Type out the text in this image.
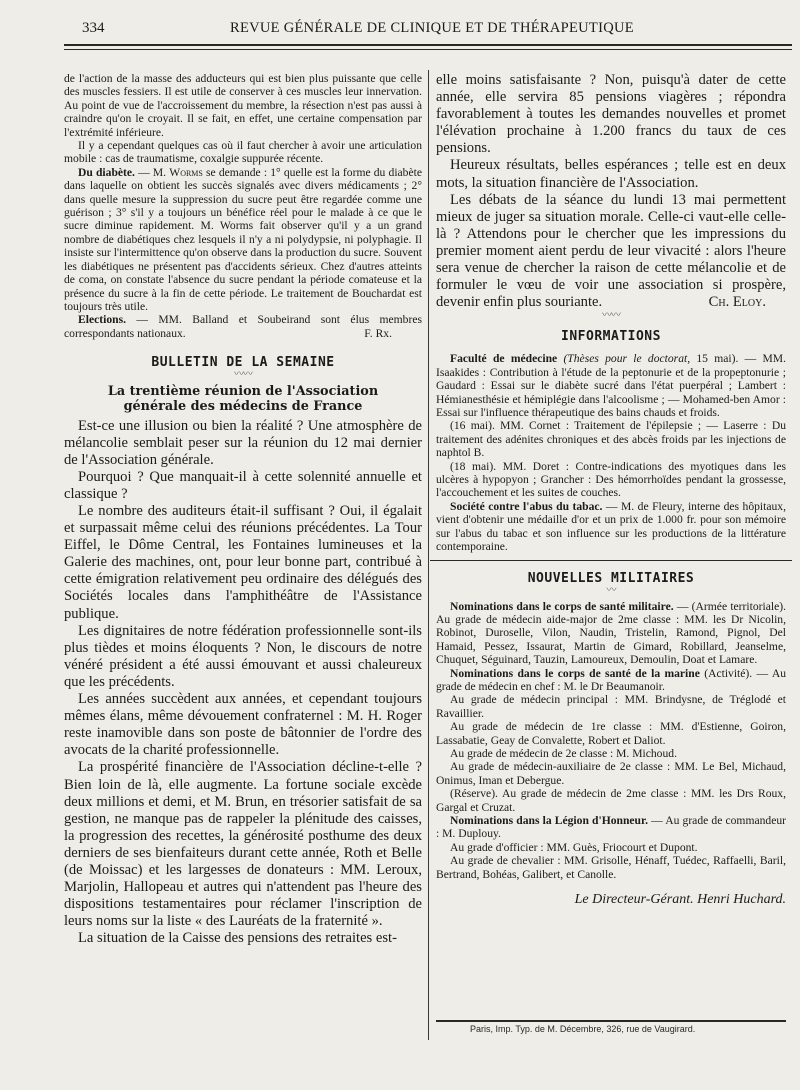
334	REVUE GÉNÉRALE DE CLINIQUE ET DE THÉRAPEUTIQUE

de l'action de la masse des adducteurs qui est bien plus puissante que celle des muscles fessiers. Il est utile de conserver à ces muscles leur innervation. Au point de vue de l'accroissement du membre, la résection n'est pas aussi à craindre qu'on le croyait. Il se fait, en effet, une certaine compensation par l'extrémité inférieure.

Il y a cependant quelques cas où il faut chercher à avoir une articulation mobile : cas de traumatisme, coxalgie suppurée récente.

Du diabète. — M. Worms se demande : 1° quelle est la forme du diabète dans laquelle on obtient les succès signalés avec divers médicaments ; 2° dans quelle mesure la suppression du sucre peut être regardée comme une guérison ; 3° s'il y a toujours un bénéfice réel pour le malade à ce que le sucre diminue rapidement. M. Worms fait observer qu'il y a un grand nombre de diabétiques chez lesquels il n'y a ni polydypsie, ni polyphagie. Il insiste sur l'intermittence qu'on observe dans la production du sucre. Souvent les diabétiques ne présentent pas d'accidents sérieux. Chez d'autres atteints de coma, on constate l'absence du sucre pendant la période comateuse et la présence du sucre à la fin de cette période. Le traitement de Bouchardat est toujours très utile.

Elections. — MM. Balland et Soubeirand sont élus membres correspondants nationaux.	F. Rx.

BULLETIN DE LA SEMAINE

〰〰

La trentième réunion de l'Association

générale des médecins de France

Est-ce une illusion ou bien la réalité ? Une atmosphère de mélancolie semblait peser sur la réunion du 12 mai dernier de l'Association générale.

Pourquoi ? Que manquait-il à cette solennité annuelle et classique ?

Le nombre des auditeurs était-il suffisant ? Oui, il égalait et surpassait même celui des réunions précédentes. La Tour Eiffel, le Dôme Central, les Fontaines lumineuses et la Galerie des machines, ont, pour leur bonne part, contribué à cette émigration relativement peu ordinaire des délégués des Sociétés locales dans l'amphithéâtre de l'Assistance publique.

Les dignitaires de notre fédération professionnelle sont-ils plus tièdes et moins éloquents ? Non, le discours de notre vénéré président a été aussi émouvant et aussi chaleureux que les précédents.

Les années succèdent aux années, et cependant toujours mêmes élans, même dévouement confraternel : M. H. Roger reste inamovible dans son poste de bâtonnier de l'ordre des avocats de la charité professionnelle.

La prospérité financière de l'Association décline-t-elle ? Bien loin de là, elle augmente. La fortune sociale excède deux millions et demi, et M. Brun, en trésorier satisfait de sa gestion, ne manque pas de rappeler la plénitude des caisses, la progression des recettes, la générosité posthume des deux derniers de ses bienfaiteurs durant cette année, Roth et Belle (de Moissac) et les largesses de donateurs : MM. Leroux, Marjolin, Hallopeau et autres qui n'attendent pas l'heure des dispositions testamentaires pour réclamer l'inscription de leurs noms sur la liste « des Lauréats de la fraternité ».

La situation de la Caisse des pensions des retraites est-

elle moins satisfaisante ? Non, puisqu'à dater de cette année, elle servira 85 pensions viagères ; répondra favorablement à toutes les demandes nouvelles et promet l'élévation prochaine à 1.200 francs du taux de ces pensions.

Heureux résultats, belles espérances ; telle est en deux mots, la situation financière de l'Association.

Les débats de la séance du lundi 13 mai permettent mieux de juger sa situation morale. Celle-ci vaut-elle celle-là ? Attendons pour le chercher que les impressions du premier moment aient perdu de leur vivacité : alors l'heure sera venue de chercher la raison de cette mélancolie et de formuler le vœu de voir une association si prospère, devenir enfin plus souriante.	Ch. Eloy.

〰〰

INFORMATIONS

Faculté de médecine (Thèses pour le doctorat, 15 mai). — MM. Isaakides : Contribution à l'étude de la peptonurie et de la propeptonurie ; Gaudard : Essai sur le diabète sucré dans l'état puerpéral ; Lambert : Hémianesthésie et hémiplégie dans l'alcoolisme ; — Mohamed-ben Amor : Essai sur l'influence thérapeutique des bains chauds et froids.

(16 mai). MM. Cornet : Traitement de l'épilepsie ; — Laserre : Du traitement des adénites chroniques et des abcès froids par les injections de naphtol B.

(18 mai). MM. Doret : Contre-indications des myotiques dans les ulcères à hypopyon ; Grancher : Des hémorrhoïdes pendant la grossesse, l'accouchement et les suites de couches.

Société contre l'abus du tabac. — M. de Fleury, interne des hôpitaux, vient d'obtenir une médaille d'or et un prix de 1.000 fr. pour son mémoire sur l'abus du tabac et son influence sur les productions de la littérature contemporaine.

NOUVELLES MILITAIRES

〰

Nominations dans le corps de santé militaire. — (Armée territoriale). Au grade de médecin aide-major de 2me classe : MM. les Dr Nicolin, Robinot, Duroselle, Vilon, Naudin, Tristelin, Ramond, Pignol, Del Hamaid, Pessez, Issaurat, Martin de Gimard, Robillard, Jeanselme, Chuquet, Séguinard, Tauzin, Lamoureux, Demoulin, Doat et Lamare.

Nominations dans le corps de santé de la marine (Activité). — Au grade de médecin en chef : M. le Dr Beaumanoir.

Au grade de médecin principal : MM. Brindysne, de Tréglodé et Ravaillier.

Au grade de médecin de 1re classe : MM. d'Estienne, Goiron, Lassabatie, Geay de Convalette, Robert et Daliot.

Au grade de médecin de 2e classe : M. Michoud.

Au grade de médecin-auxiliaire de 2e classe : MM. Le Bel, Michaud, Onimus, Iman et Debergue.

(Réserve). Au grade de médecin de 2me classe : MM. les Drs Roux, Gargal et Cruzat.

Nominations dans la Légion d'Honneur. — Au grade de commandeur : M. Duplouy.

Au grade d'officier : MM. Guès, Friocourt et Dupont.

Au grade de chevalier : MM. Grisolle, Hénaff, Tuédec, Raffaelli, Baril, Bertrand, Bohéas, Galibert, et Canolle.

Le Directeur-Gérant. Henri Huchard.

Paris, Imp. Typ. de M. Décembre, 326, rue de Vaugirard.
